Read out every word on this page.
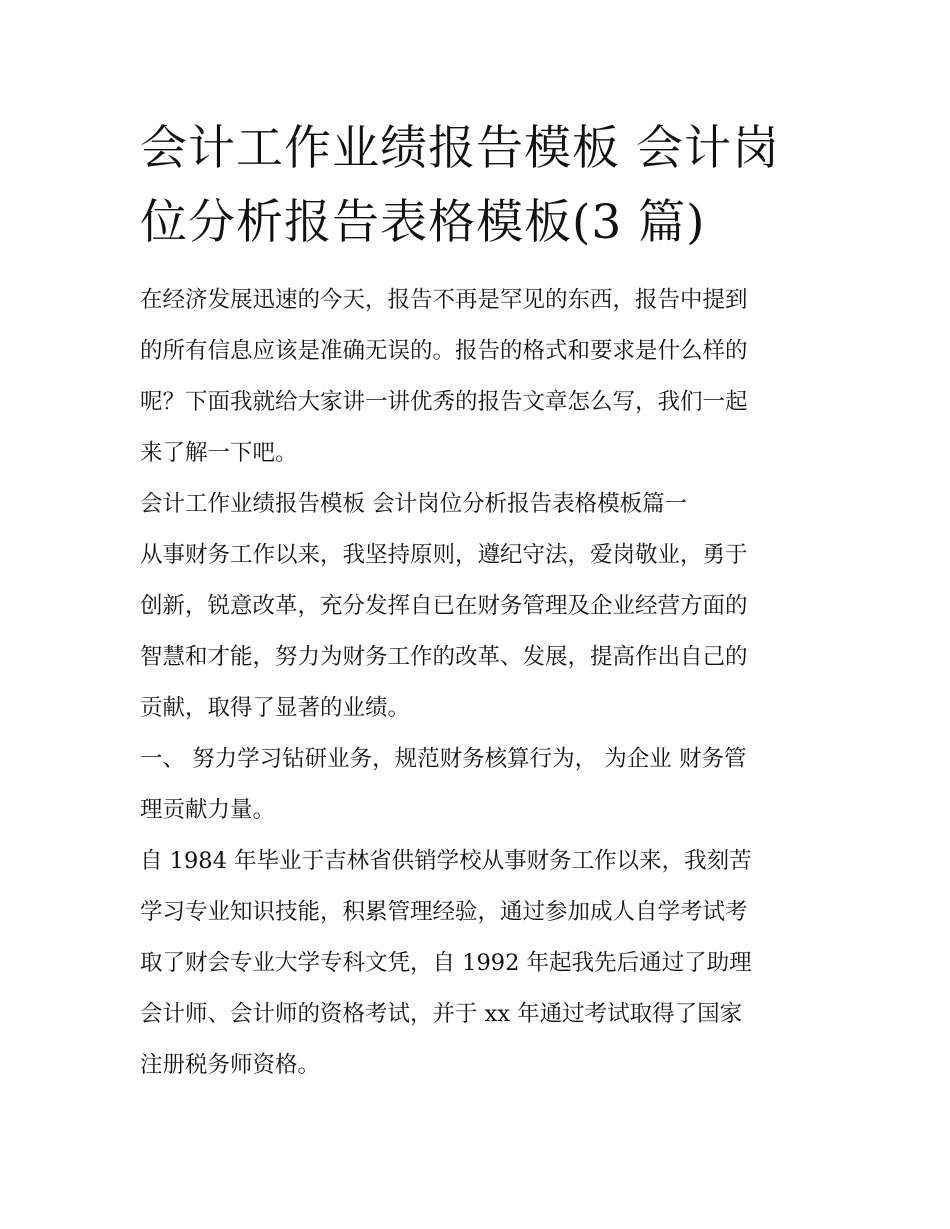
会计工作业绩报告模板 会计岗
位分析报告表格模板(3 篇)
在经济发展迅速的今天，报告不再是罕见的东西，报告中提到
的所有信息应该是准确无误的。报告的格式和要求是什么样的
呢？下面我就给大家讲一讲优秀的报告文章怎么写，我们一起
来了解一下吧。
会计工作业绩报告模板 会计岗位分析报告表格模板篇一
从事财务工作以来，我坚持原则，遵纪守法，爱岗敬业，勇于
创新，锐意改革，充分发挥自已在财务管理及企业经营方面的
智慧和才能，努力为财务工作的改革、发展，提高作出自己的
贡献，取得了显著的业绩。
一、 努力学习钻研业务，规范财务核算行为， 为企业 财务管
理贡献力量。
自 1984 年毕业于吉林省供销学校从事财务工作以来，我刻苦
学习专业知识技能，积累管理经验，通过参加成人自学考试考
取了财会专业大学专科文凭，自 1992 年起我先后通过了助理
会计师、会计师的资格考试，并于 xx 年通过考试取得了国家
注册税务师资格。
